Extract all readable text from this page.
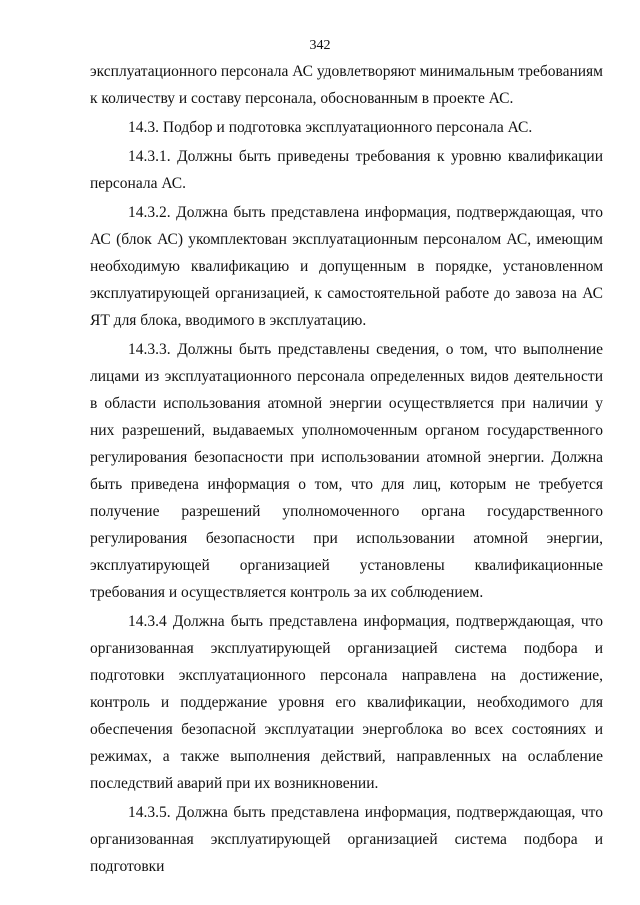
342

эксплуатационного персонала АС удовлетворяют минимальным требованиям к количеству и составу персонала, обоснованным в проекте АС.

14.3. Подбор и подготовка эксплуатационного персонала АС.

14.3.1. Должны быть приведены требования к уровню квалификации персонала АС.

14.3.2. Должна быть представлена информация, подтверждающая, что АС (блок АС) укомплектован эксплуатационным персоналом АС, имеющим необходимую квалификацию и допущенным в порядке, установленном эксплуатирующей организацией, к самостоятельной работе до завоза на АС ЯТ для блока, вводимого в эксплуатацию.

14.3.3. Должны быть представлены сведения, о том, что выполнение лицами из эксплуатационного персонала определенных видов деятельности в области использования атомной энергии осуществляется при наличии у них разрешений, выдаваемых уполномоченным органом государственного регулирования безопасности при использовании атомной энергии. Должна быть приведена информация о том, что для лиц, которым не требуется получение разрешений уполномоченного органа государственного регулирования безопасности при использовании атомной энергии, эксплуатирующей организацией установлены квалификационные требования и осуществляется контроль за их соблюдением.

14.3.4 Должна быть представлена информация, подтверждающая, что организованная эксплуатирующей организацией система подбора и подготовки эксплуатационного персонала направлена на достижение, контроль и поддержание уровня его квалификации, необходимого для обеспечения безопасной эксплуатации энергоблока во всех состояниях и режимах, а также выполнения действий, направленных на ослабление последствий аварий при их возникновении.

14.3.5. Должна быть представлена информация, подтверждающая, что организованная эксплуатирующей организацией система подбора и подготовки
